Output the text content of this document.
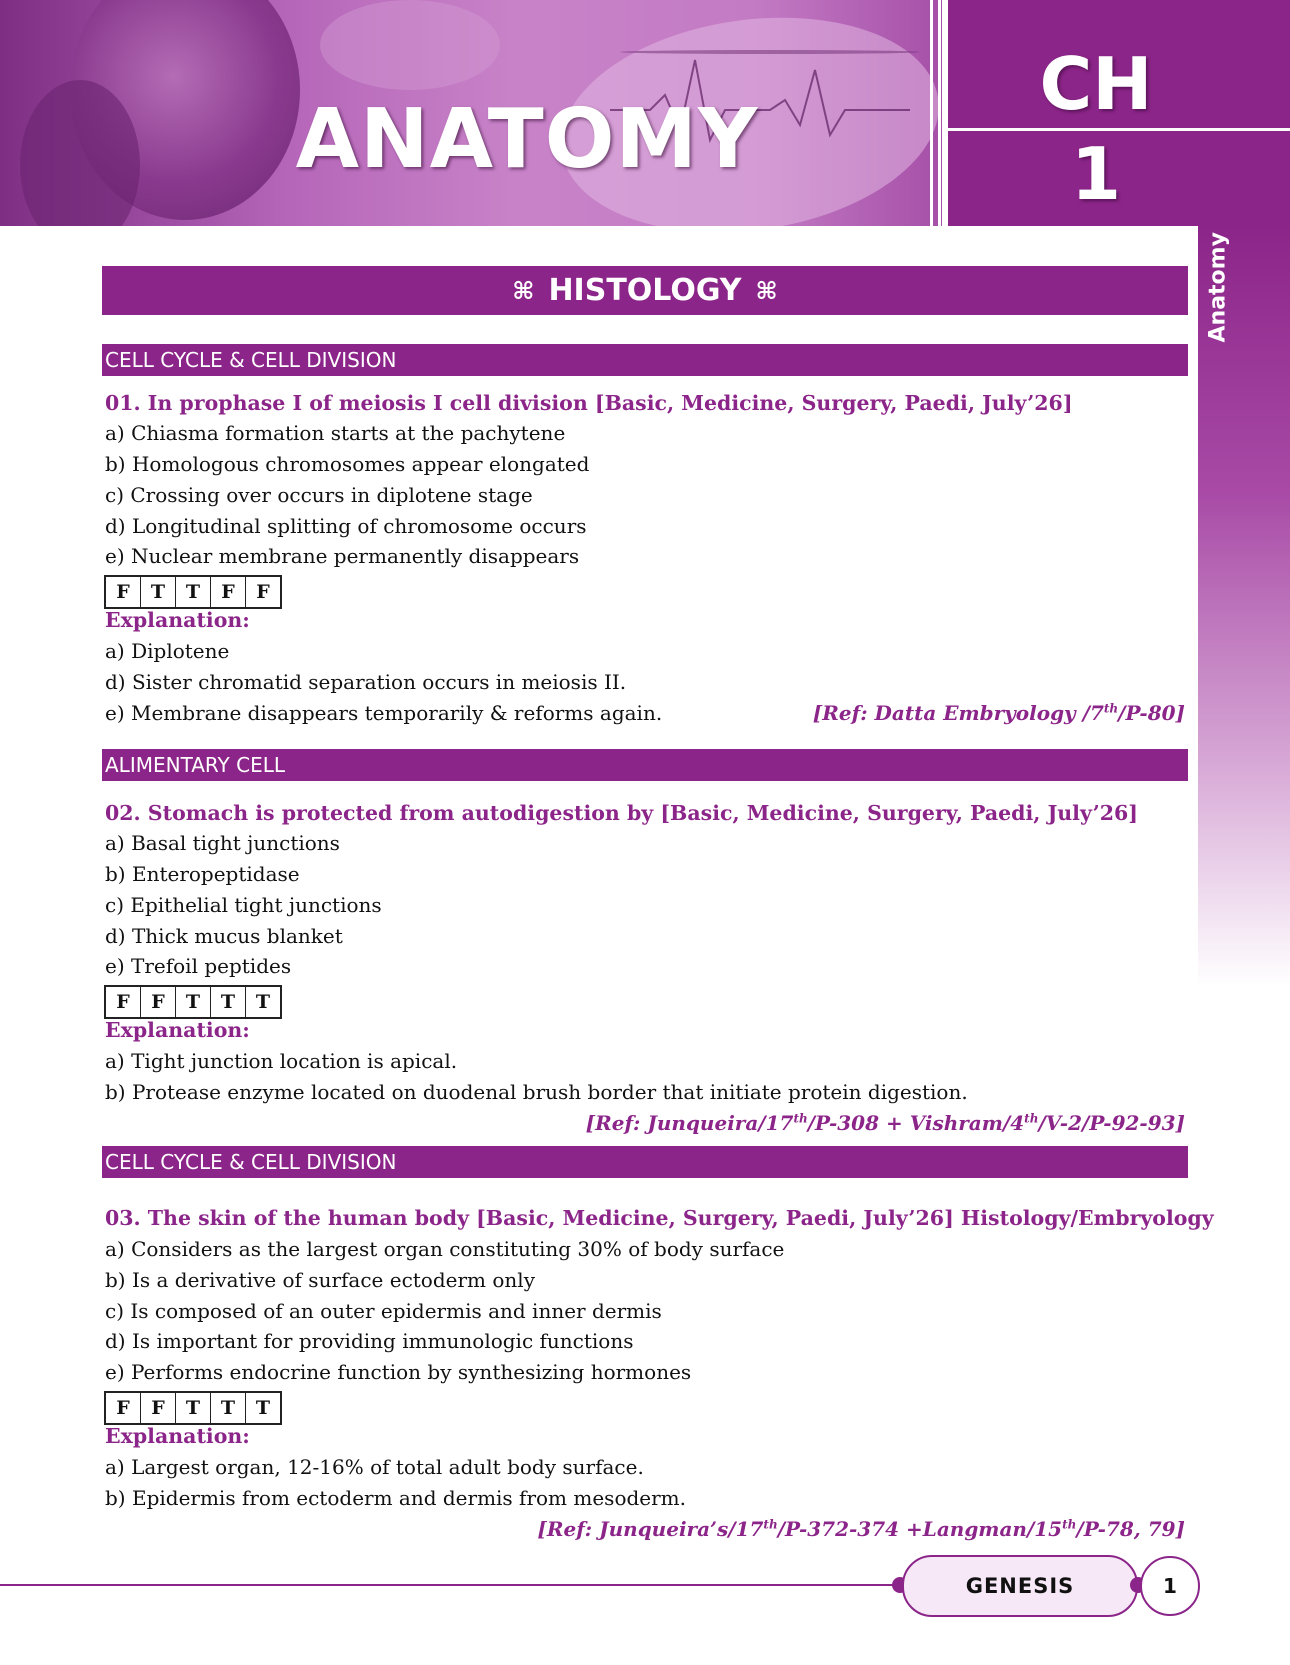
ANATOMY
CH
1
⌘ HISTOLOGY ⌘
CELL CYCLE & CELL DIVISION
01. In prophase I of meiosis I cell division [Basic, Medicine, Surgery, Paedi, July’26]
a) Chiasma formation starts at the pachytene
b) Homologous chromosomes appear elongated
c) Crossing over occurs in diplotene stage
d) Longitudinal splitting of chromosome occurs
e) Nuclear membrane permanently disappears
F	T	T	F	F
Explanation:
a) Diplotene
d) Sister chromatid separation occurs in meiosis II.
e) Membrane disappears temporarily & reforms again.	[Ref: Datta Embryology /7th/P-80]
ALIMENTARY CELL
02. Stomach is protected from autodigestion by [Basic, Medicine, Surgery, Paedi, July’26]
a) Basal tight junctions
b) Enteropeptidase
c) Epithelial tight junctions
d) Thick mucus blanket
e) Trefoil peptides
F	F	T	T	T
Explanation:
a) Tight junction location is apical.
b) Protease enzyme located on duodenal brush border that initiate protein digestion.
[Ref: Junqueira/17th/P-308 + Vishram/4th/V-2/P-92-93]
CELL CYCLE & CELL DIVISION
03. The skin of the human body [Basic, Medicine, Surgery, Paedi, July’26] Histology/Embryology
a) Considers as the largest organ constituting 30% of body surface
b) Is a derivative of surface ectoderm only
c) Is composed of an outer epidermis and inner dermis
d) Is important for providing immunologic functions
e) Performs endocrine function by synthesizing hormones
F	F	T	T	T
Explanation:
a) Largest organ, 12-16% of total adult body surface.
b) Epidermis from ectoderm and dermis from mesoderm.
[Ref: Junqueira’s/17th/P-372-374 +Langman/15th/P-78, 79]
GENESIS	1
